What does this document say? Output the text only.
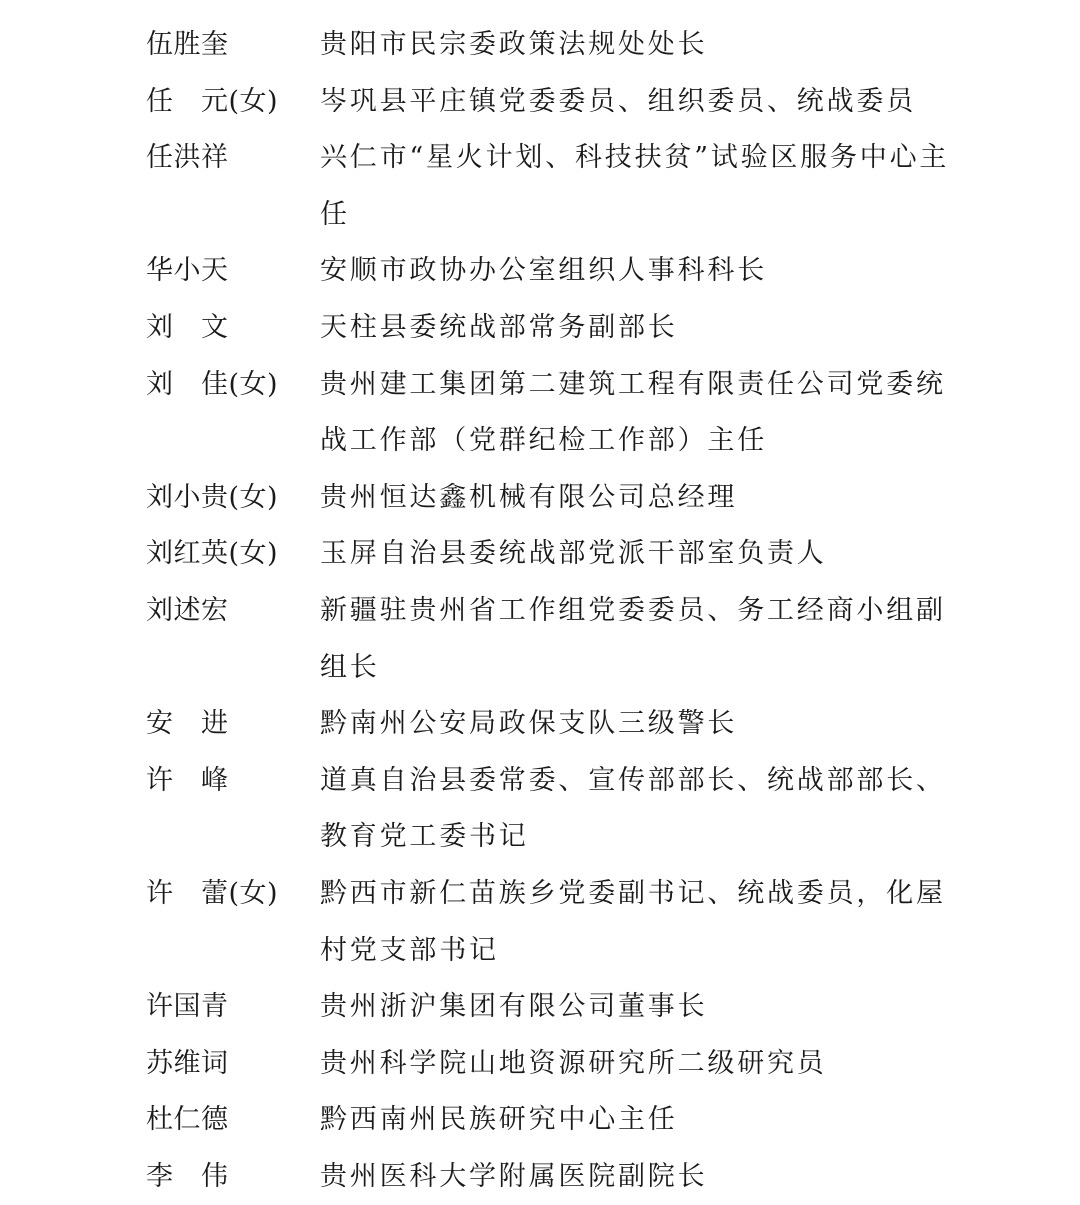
伍胜奎	贵阳市民宗委政策法规处处长
任　元(女)	岑巩县平庄镇党委委员、组织委员、统战委员
任洪祥	兴仁市“星火计划、科技扶贫”试验区服务中心主任
华小天	安顺市政协办公室组织人事科科长
刘　文	天柱县委统战部常务副部长
刘　佳(女)	贵州建工集团第二建筑工程有限责任公司党委统战工作部（党群纪检工作部）主任
刘小贵(女)	贵州恒达鑫机械有限公司总经理
刘红英(女)	玉屏自治县委统战部党派干部室负责人
刘述宏	新疆驻贵州省工作组党委委员、务工经商小组副组长
安　进	黔南州公安局政保支队三级警长
许　峰	道真自治县委常委、宣传部部长、统战部部长、教育党工委书记
许　蕾(女)	黔西市新仁苗族乡党委副书记、统战委员，化屋村党支部书记
许国青	贵州浙沪集团有限公司董事长
苏维词	贵州科学院山地资源研究所二级研究员
杜仁德	黔西南州民族研究中心主任
李　伟	贵州医科大学附属医院副院长
